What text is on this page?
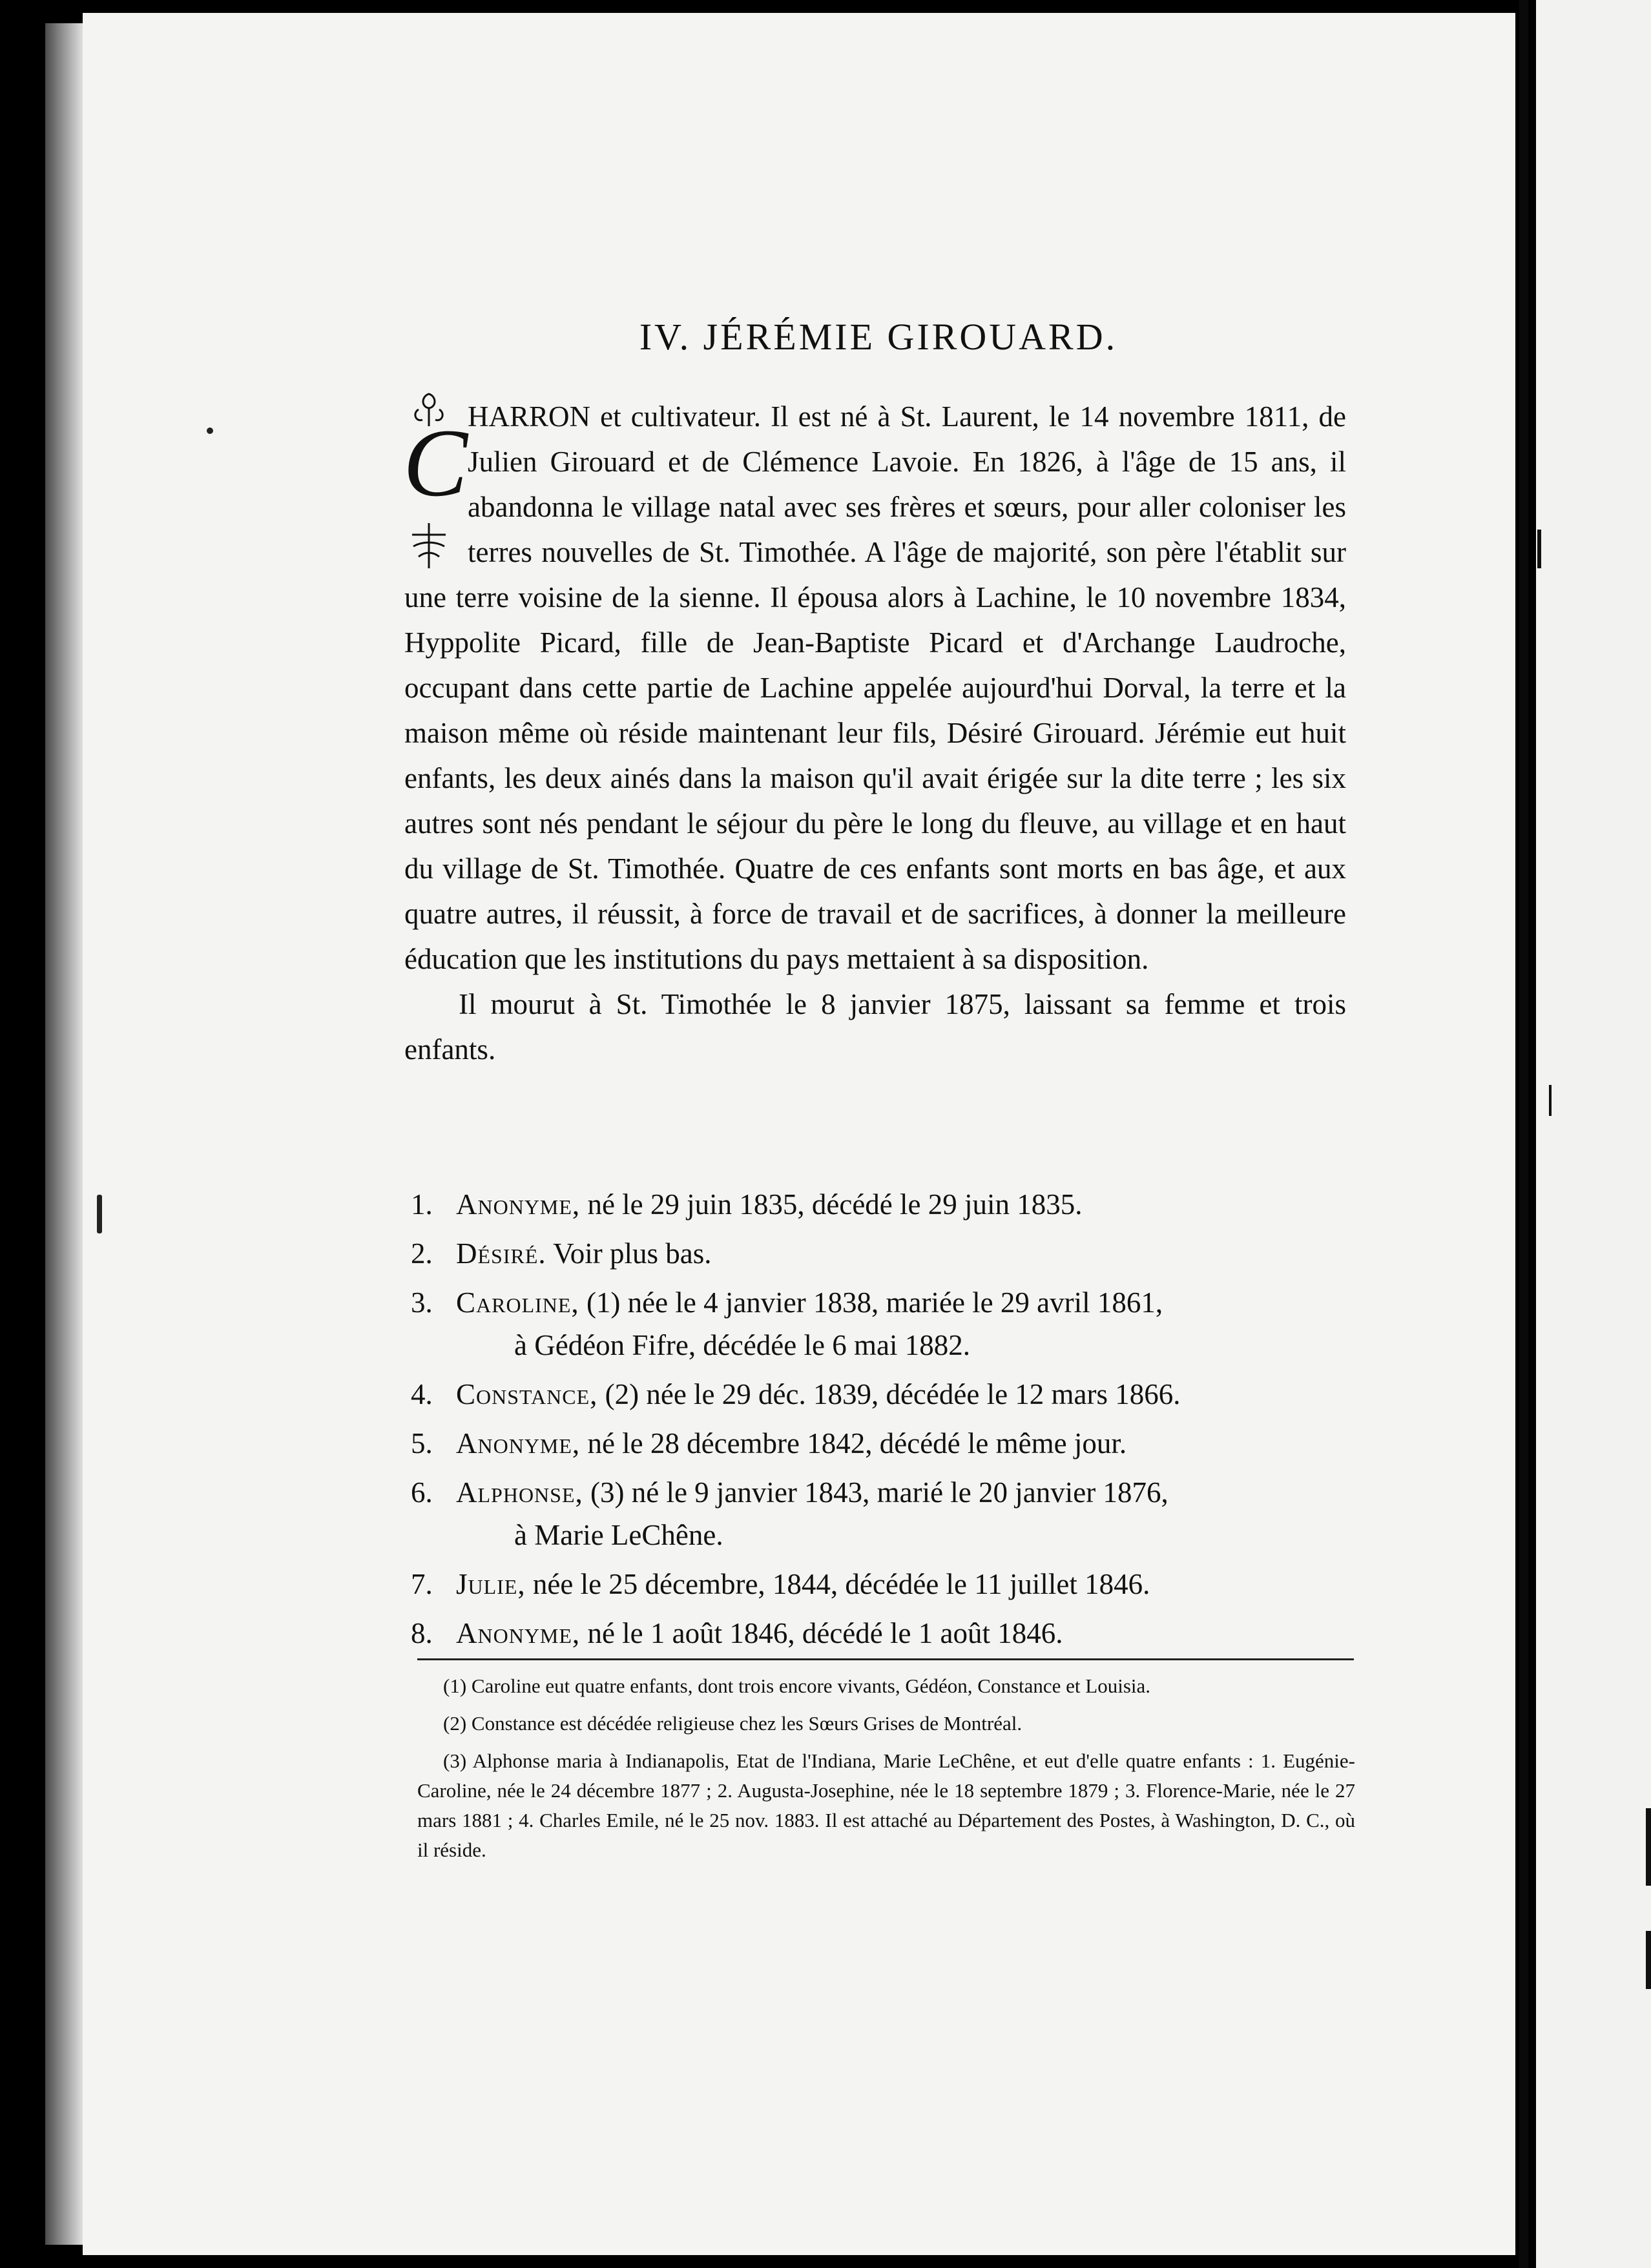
IV. JÉRÉMIE GIROUARD.

C HARRON et cultivateur. Il est né à St. Laurent, le 14 novembre 1811, de Julien Girouard et de Clémence Lavoie. En 1826, à l'âge de 15 ans, il abandonna le village natal avec ses frères et sœurs, pour aller coloniser les terres nouvelles de St. Timothée. A l'âge de majorité, son père l'établit sur une terre voisine de la sienne. Il épousa alors à Lachine, le 10 novembre 1834, Hyppolite Picard, fille de Jean-Baptiste Picard et d'Archange Laudroche, occupant dans cette partie de Lachine appelée aujourd'hui Dorval, la terre et la maison même où réside maintenant leur fils, Désiré Girouard. Jérémie eut huit enfants, les deux ainés dans la maison qu'il avait érigée sur la dite terre ; les six autres sont nés pendant le séjour du père le long du fleuve, au village et en haut du village de St. Timothée. Quatre de ces enfants sont morts en bas âge, et aux quatre autres, il réussit, à force de travail et de sacrifices, à donner la meilleure éducation que les institutions du pays mettaient à sa disposition.

Il mourut à St. Timothée le 8 janvier 1875, laissant sa femme et trois enfants.

1. Anonyme, né le 29 juin 1835, décédé le 29 juin 1835.
2. Désiré. Voir plus bas.
3. Caroline, (1) née le 4 janvier 1838, mariée le 29 avril 1861,
à Gédéon Fifre, décédée le 6 mai 1882.
4. Constance, (2) née le 29 déc. 1839, décédée le 12 mars 1866.
5. Anonyme, né le 28 décembre 1842, décédé le même jour.
6. Alphonse, (3) né le 9 janvier 1843, marié le 20 janvier 1876,
à Marie LeChêne.
7. Julie, née le 25 décembre, 1844, décédée le 11 juillet 1846.
8. Anonyme, né le 1 août 1846, décédé le 1 août 1846.

(1) Caroline eut quatre enfants, dont trois encore vivants, Gédéon, Constance et Louisia.

(2) Constance est décédée religieuse chez les Sœurs Grises de Montréal.

(3) Alphonse maria à Indianapolis, Etat de l'Indiana, Marie LeChêne, et eut d'elle quatre enfants : 1. Eugénie-Caroline, née le 24 décembre 1877 ; 2. Augusta-Josephine, née le 18 septembre 1879 ; 3. Florence-Marie, née le 27 mars 1881 ; 4. Charles Emile, né le 25 nov. 1883. Il est attaché au Département des Postes, à Washington, D. C., où il réside.
